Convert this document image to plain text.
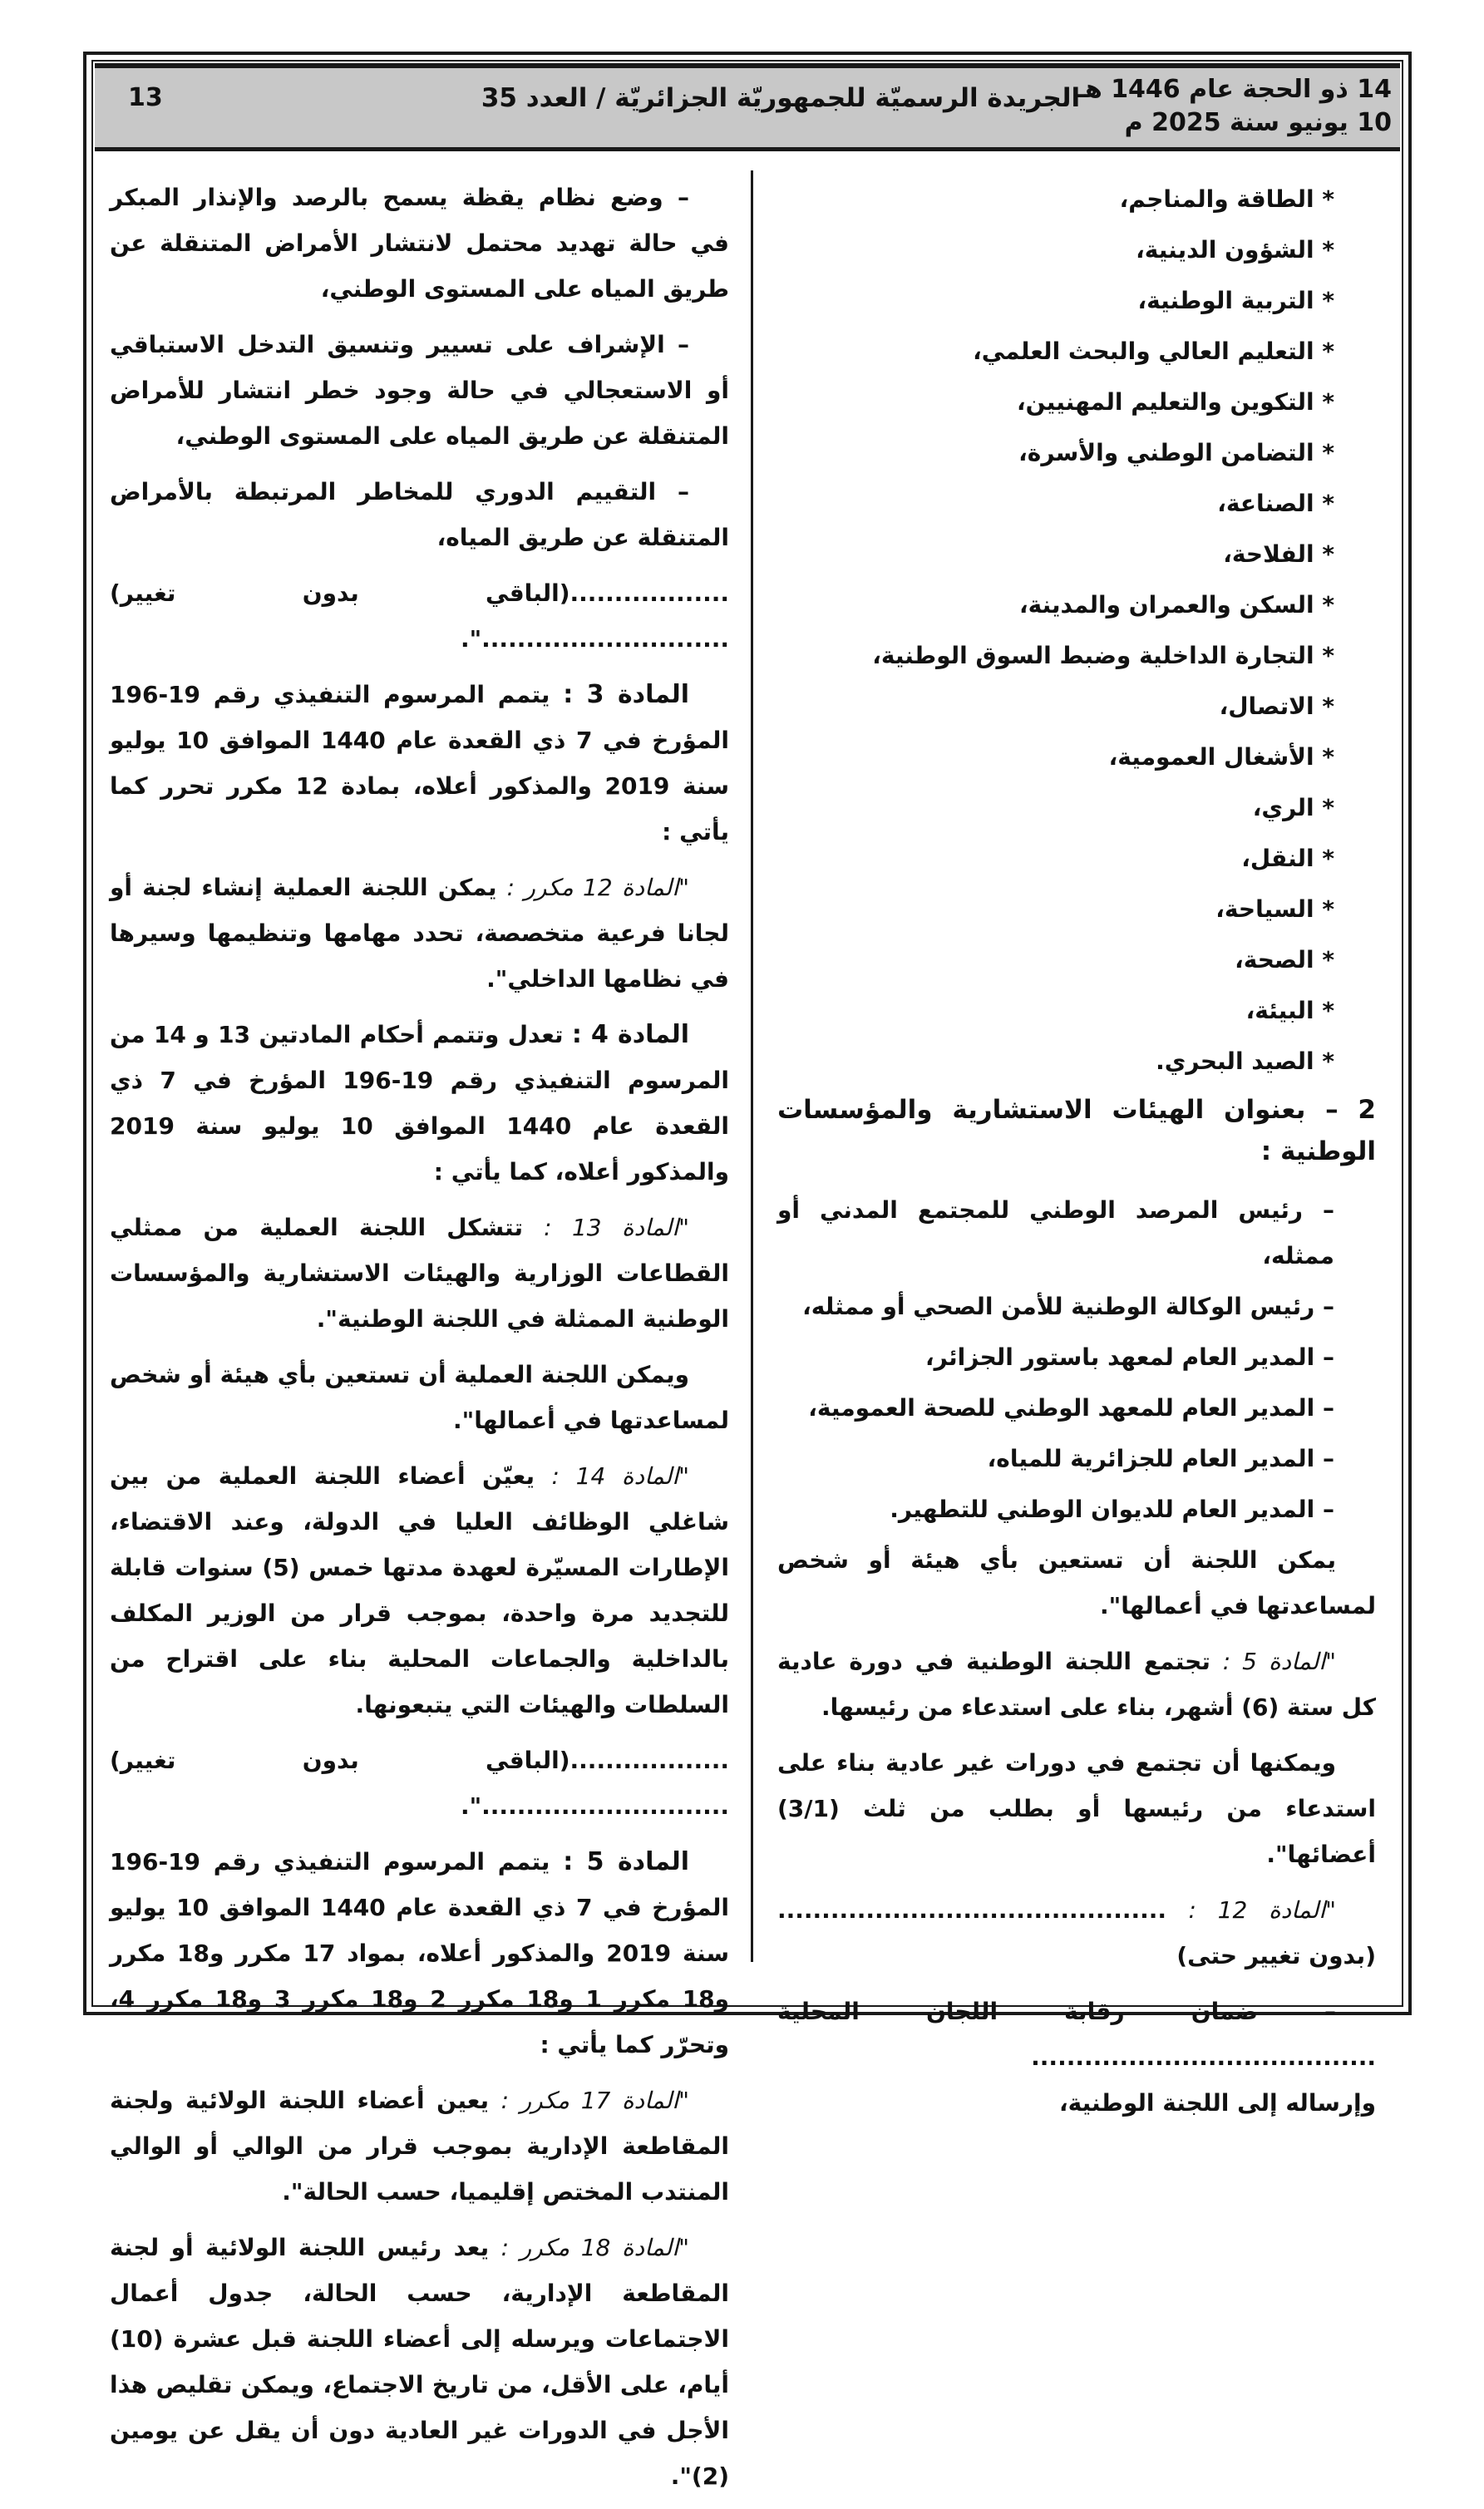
14 ذو الحجة عام 1446 هـ
10 يونيو سنة 2025 م
الجريدة الرسميّة للجمهوريّة الجزائريّة / العدد 35
13
* الطاقة والمناجم،
* الشؤون الدينية،
* التربية الوطنية،
* التعليم العالي والبحث العلمي،
* التكوين والتعليم المهنيين،
* التضامن الوطني والأسرة،
* الصناعة،
* الفلاحة،
* السكن والعمران والمدينة،
* التجارة الداخلية وضبط السوق الوطنية،
* الاتصال،
* الأشغال العمومية،
* الري،
* النقل،
* السياحة،
* الصحة،
* البيئة،
* الصيد البحري.
2 – بعنوان الهيئات الاستشارية والمؤسسات الوطنية :
– رئيس المرصد الوطني للمجتمع المدني أو ممثله،
– رئيس الوكالة الوطنية للأمن الصحي أو ممثله،
– المدير العام لمعهد باستور الجزائر،
– المدير العام للمعهد الوطني للصحة العمومية،
– المدير العام للجزائرية للمياه،
– المدير العام للديوان الوطني للتطهير.

يمكن اللجنة أن تستعين بأي هيئة أو شخص لمساعدتها في أعمالها".

"المادة 5 : تجتمع اللجنة الوطنية في دورة عادية كل ستة (6) أشهر، بناء على استدعاء من رئيسها.

ويمكنها أن تجتمع في دورات غير عادية بناء على استدعاء من رئيسها أو بطلب من ثلث (3/1) أعضائها".

"المادة 12 : ............................................ (بدون تغيير حتى)

– ضمان رقابة اللجان المحلية .......................................

وإرساله إلى اللجنة الوطنية،

– وضع نظام يقظة يسمح بالرصد والإنذار المبكر في حالة تهديد محتمل لانتشار الأمراض المتنقلة عن طريق المياه على المستوى الوطني،

– الإشراف على تسيير وتنسيق التدخل الاستباقي أو الاستعجالي في حالة وجود خطر انتشار للأمراض المتنقلة عن طريق المياه على المستوى الوطني،

– التقييم الدوري للمخاطر المرتبطة بالأمراض المتنقلة عن طريق المياه،

..................(الباقي بدون تغيير) ............................".

المادة 3 : يتمم المرسوم التنفيذي رقم 19-196 المؤرخ في 7 ذي القعدة عام 1440 الموافق 10 يوليو سنة 2019 والمذكور أعلاه، بمادة 12 مكرر تحرر كما يأتي :

"المادة 12 مكرر : يمكن اللجنة العملية إنشاء لجنة أو لجانا فرعية متخصصة، تحدد مهامها وتنظيمها وسيرها في نظامها الداخلي".

المادة 4 : تعدل وتتمم أحكام المادتين 13 و 14 من المرسوم التنفيذي رقم 19-196 المؤرخ في 7 ذي القعدة عام 1440 الموافق 10 يوليو سنة 2019 والمذكور أعلاه، كما يأتي :

"المادة 13 : تتشكل اللجنة العملية من ممثلي القطاعات الوزارية والهيئات الاستشارية والمؤسسات الوطنية الممثلة في اللجنة الوطنية".

ويمكن اللجنة العملية أن تستعين بأي هيئة أو شخص لمساعدتها في أعمالها".

"المادة 14 : يعيّن أعضاء اللجنة العملية من بين شاغلي الوظائف العليا في الدولة، وعند الاقتضاء، الإطارات المسيّرة لعهدة مدتها خمس (5) سنوات قابلة للتجديد مرة واحدة، بموجب قرار من الوزير المكلف بالداخلية والجماعات المحلية بناء على اقتراح من السلطات والهيئات التي يتبعونها.

..................(الباقي بدون تغيير) ............................".

المادة 5 : يتمم المرسوم التنفيذي رقم 19-196 المؤرخ في 7 ذي القعدة عام 1440 الموافق 10 يوليو سنة 2019 والمذكور أعلاه، بمواد 17 مكرر و18 مكرر و18 مكرر 1 و18 مكرر 2 و18 مكرر 3 و18 مكرر 4، وتحرّر كما يأتي :

"المادة 17 مكرر : يعين أعضاء اللجنة الولائية ولجنة المقاطعة الإدارية بموجب قرار من الوالي أو الوالي المنتدب المختص إقليميا، حسب الحالة".

"المادة 18 مكرر : يعد رئيس اللجنة الولائية أو لجنة المقاطعة الإدارية، حسب الحالة، جدول أعمال الاجتماعات ويرسله إلى أعضاء اللجنة قبل عشرة (10) أيام، على الأقل، من تاريخ الاجتماع، ويمكن تقليص هذا الأجل في الدورات غير العادية دون أن يقل عن يومين (2)".
